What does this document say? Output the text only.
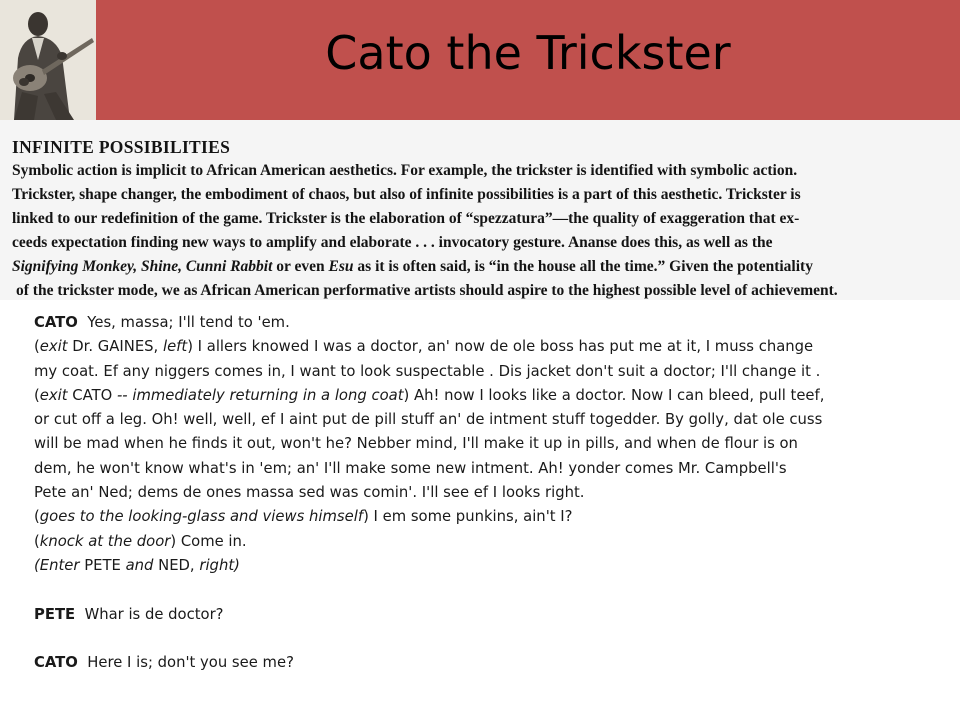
Cato the Trickster
INFINITE POSSIBILITIES
Symbolic action is implicit to African American aesthetics. For example, the trickster is identified with symbolic action.
Trickster, shape changer, the embodiment of chaos, but also of infinite possibilities is a part of this aesthetic. Trickster is
linked to our redefinition of the game. Trickster is the elaboration of “spezzatura”—the quality of exaggeration that ex-
ceeds expectation finding new ways to amplify and elaborate . . . invocatory gesture. Ananse does this, as well as the
Signifying Monkey, Shine, Cunni Rabbit or even Esu as it is often said, is “in the house all the time.” Given the potentiality
of the trickster mode, we as African American performative artists should aspire to the highest possible level of achievement.
CATO Yes, massa; I'll tend to 'em.
(exit Dr. GAINES, left) I allers knowed I was a doctor, an' now de ole boss has put me at it, I muss change
my coat. Ef any niggers comes in, I want to look suspectable . Dis jacket don't suit a doctor; I'll change it .
(exit CATO -- immediately returning in a long coat) Ah! now I looks like a doctor. Now I can bleed, pull teef,
or cut off a leg. Oh! well, well, ef I aint put de pill stuff an' de intment stuff togedder. By golly, dat ole cuss
will be mad when he finds it out, won't he? Nebber mind, I'll make it up in pills, and when de flour is on
dem, he won't know what's in 'em; an' I'll make some new intment. Ah! yonder comes Mr. Campbell's
Pete an' Ned; dems de ones massa sed was comin'. I'll see ef I looks right.
(goes to the looking-glass and views himself) I em some punkins, ain't I?
(knock at the door) Come in.
(Enter PETE and NED, right)
PETE Whar is de doctor?
CATO Here I is; don't you see me?
